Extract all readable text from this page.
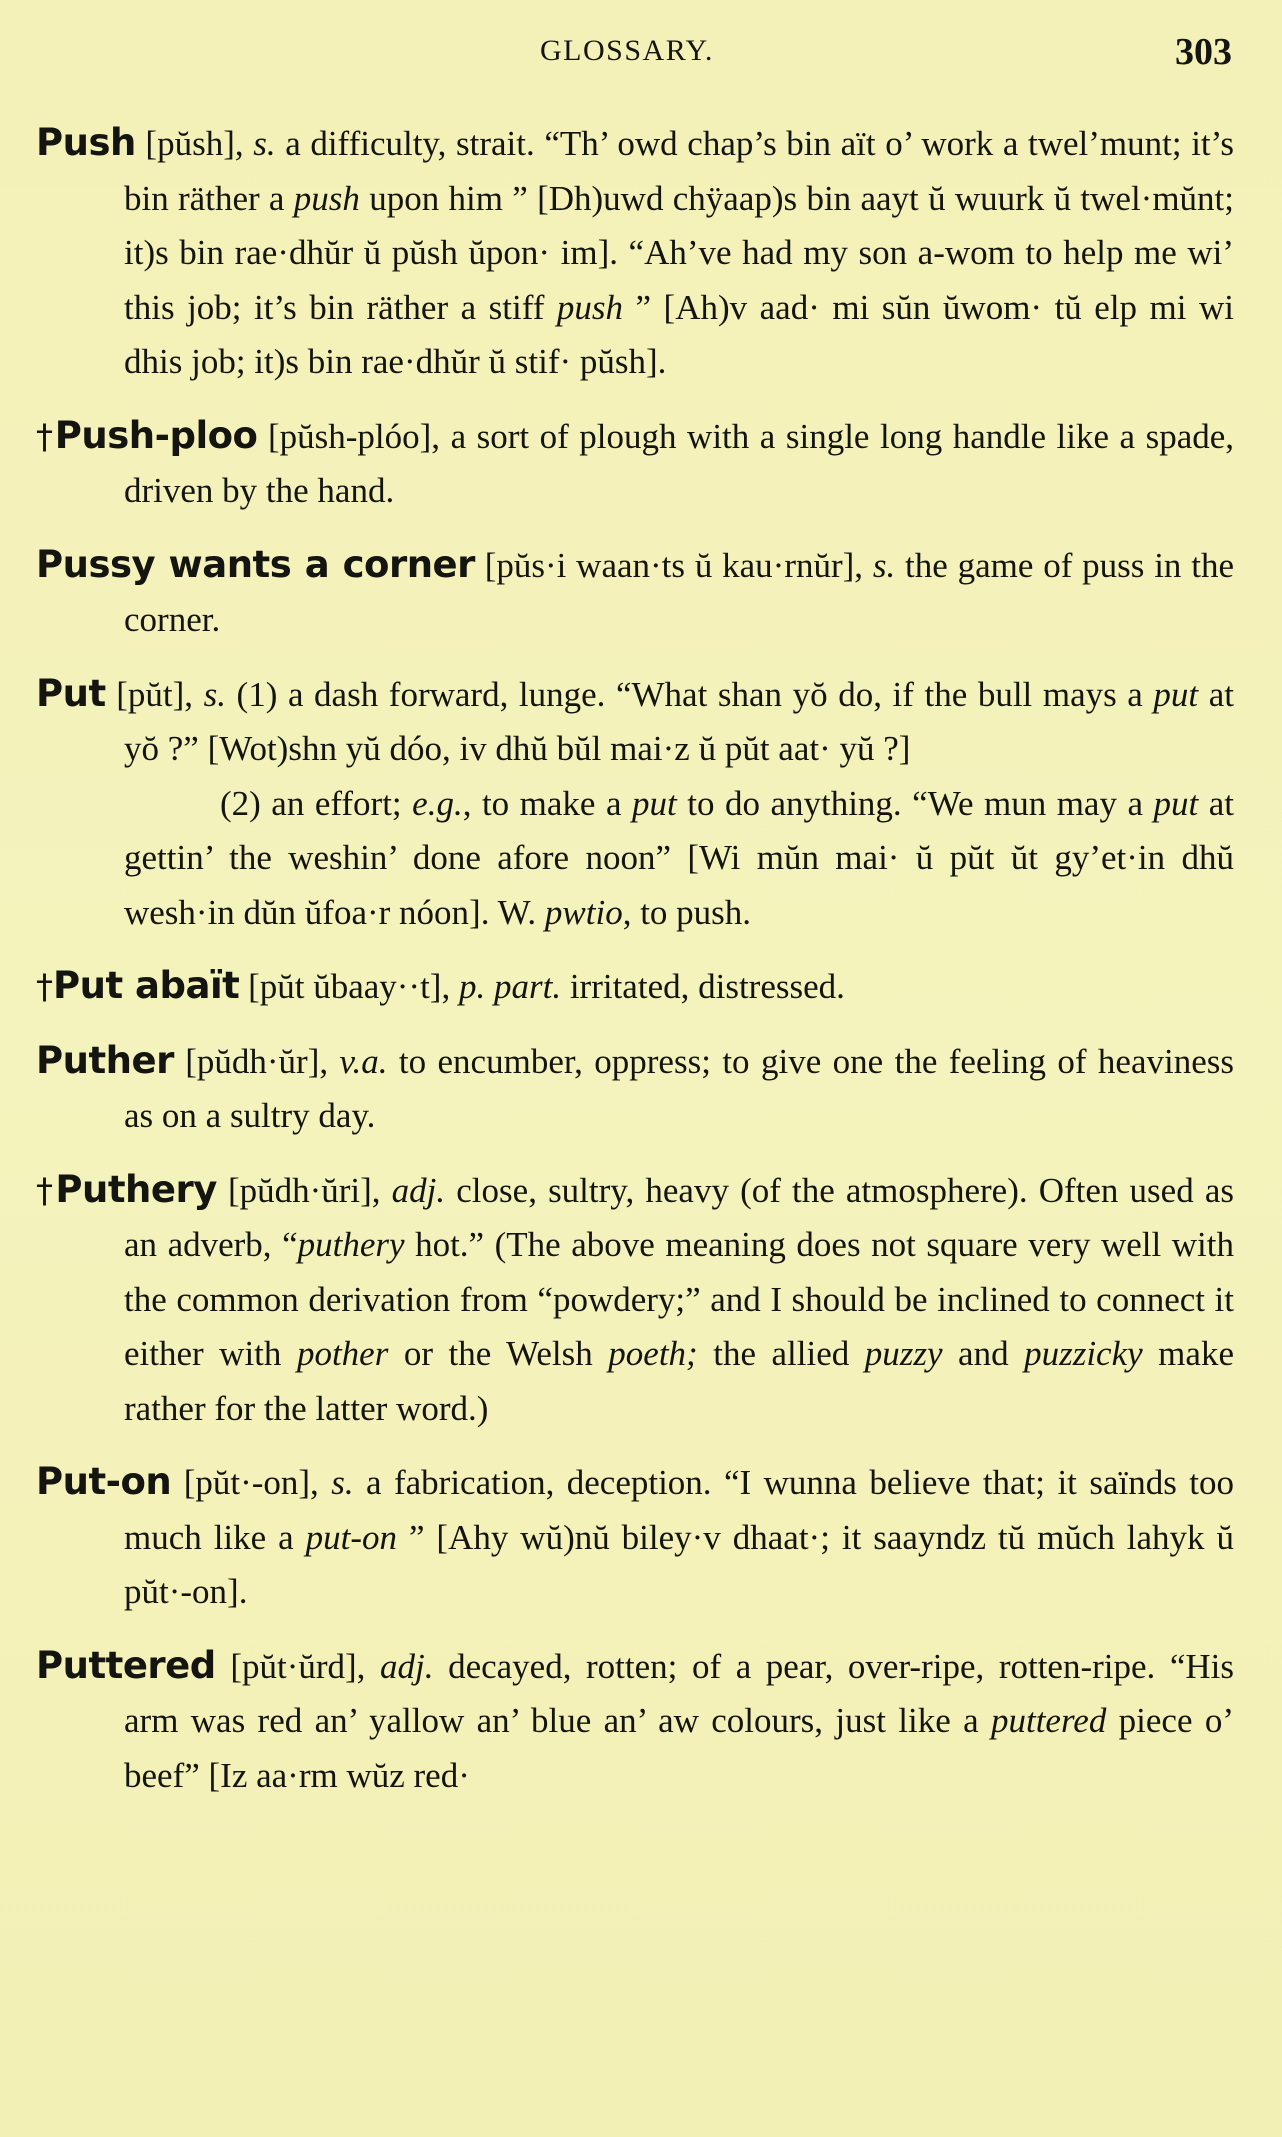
GLOSSARY.	303
Push [pŭsh], s. a difficulty, strait. “Th’ owd chap’s bin aït o’ work a twel’munt; it’s bin räther a push upon him ” [Dh)uwd chÿaap)s bin aayt ŭ wuurk ŭ twel·mŭnt; it)s bin rae·dhŭr ŭ pŭsh ŭpon· im]. “Ah’ve had my son a-wom to help me wi’ this job; it’s bin räther a stiff push ” [Ah)v aad· mi sŭn ŭwom· tŭ elp mi wi dhis job; it)s bin rae·dhŭr ŭ stif· pŭsh].
†Push-ploo [pŭsh-plóo], a sort of plough with a single long handle like a spade, driven by the hand.
Pussy wants a corner [pŭs·i waan·ts ŭ kau·rnŭr], s. the game of puss in the corner.
Put [pŭt], s. (1) a dash forward, lunge. “What shan yŏ do, if the bull mays a put at yŏ ?” [Wot)shn yŭ dóo, iv dhŭ bŭl mai·z ŭ pŭt aat· yŭ ?]
(2) an effort; e.g., to make a put to do anything. “We mun may a put at gettin’ the weshin’ done afore noon” [Wi mŭn mai· ŭ pŭt ŭt gy’et·in dhŭ wesh·in dŭn ŭfoa·r nóon]. W. pwtio, to push.
†Put abaït [pŭt ŭbaay··t], p. part. irritated, distressed.
Puther [pŭdh·ŭr], v.a. to encumber, oppress; to give one the feeling of heaviness as on a sultry day.
†Puthery [pŭdh·ŭri], adj. close, sultry, heavy (of the atmosphere). Often used as an adverb, “puthery hot.” (The above meaning does not square very well with the common derivation from “powdery;” and I should be inclined to connect it either with pother or the Welsh poeth; the allied puzzy and puzzicky make rather for the latter word.)
Put-on [pŭt·-on], s. a fabrication, deception. “I wunna believe that; it saïnds too much like a put-on ” [Ahy wŭ)nŭ biley·v dhaat·; it saayndz tŭ mŭch lahyk ŭ pŭt·-on].
Puttered [pŭt·ŭrd], adj. decayed, rotten; of a pear, over-ripe, rotten-ripe. “His arm was red an’ yallow an’ blue an’ aw colours, just like a puttered piece o’ beef” [Iz aa·rm wŭz red·
